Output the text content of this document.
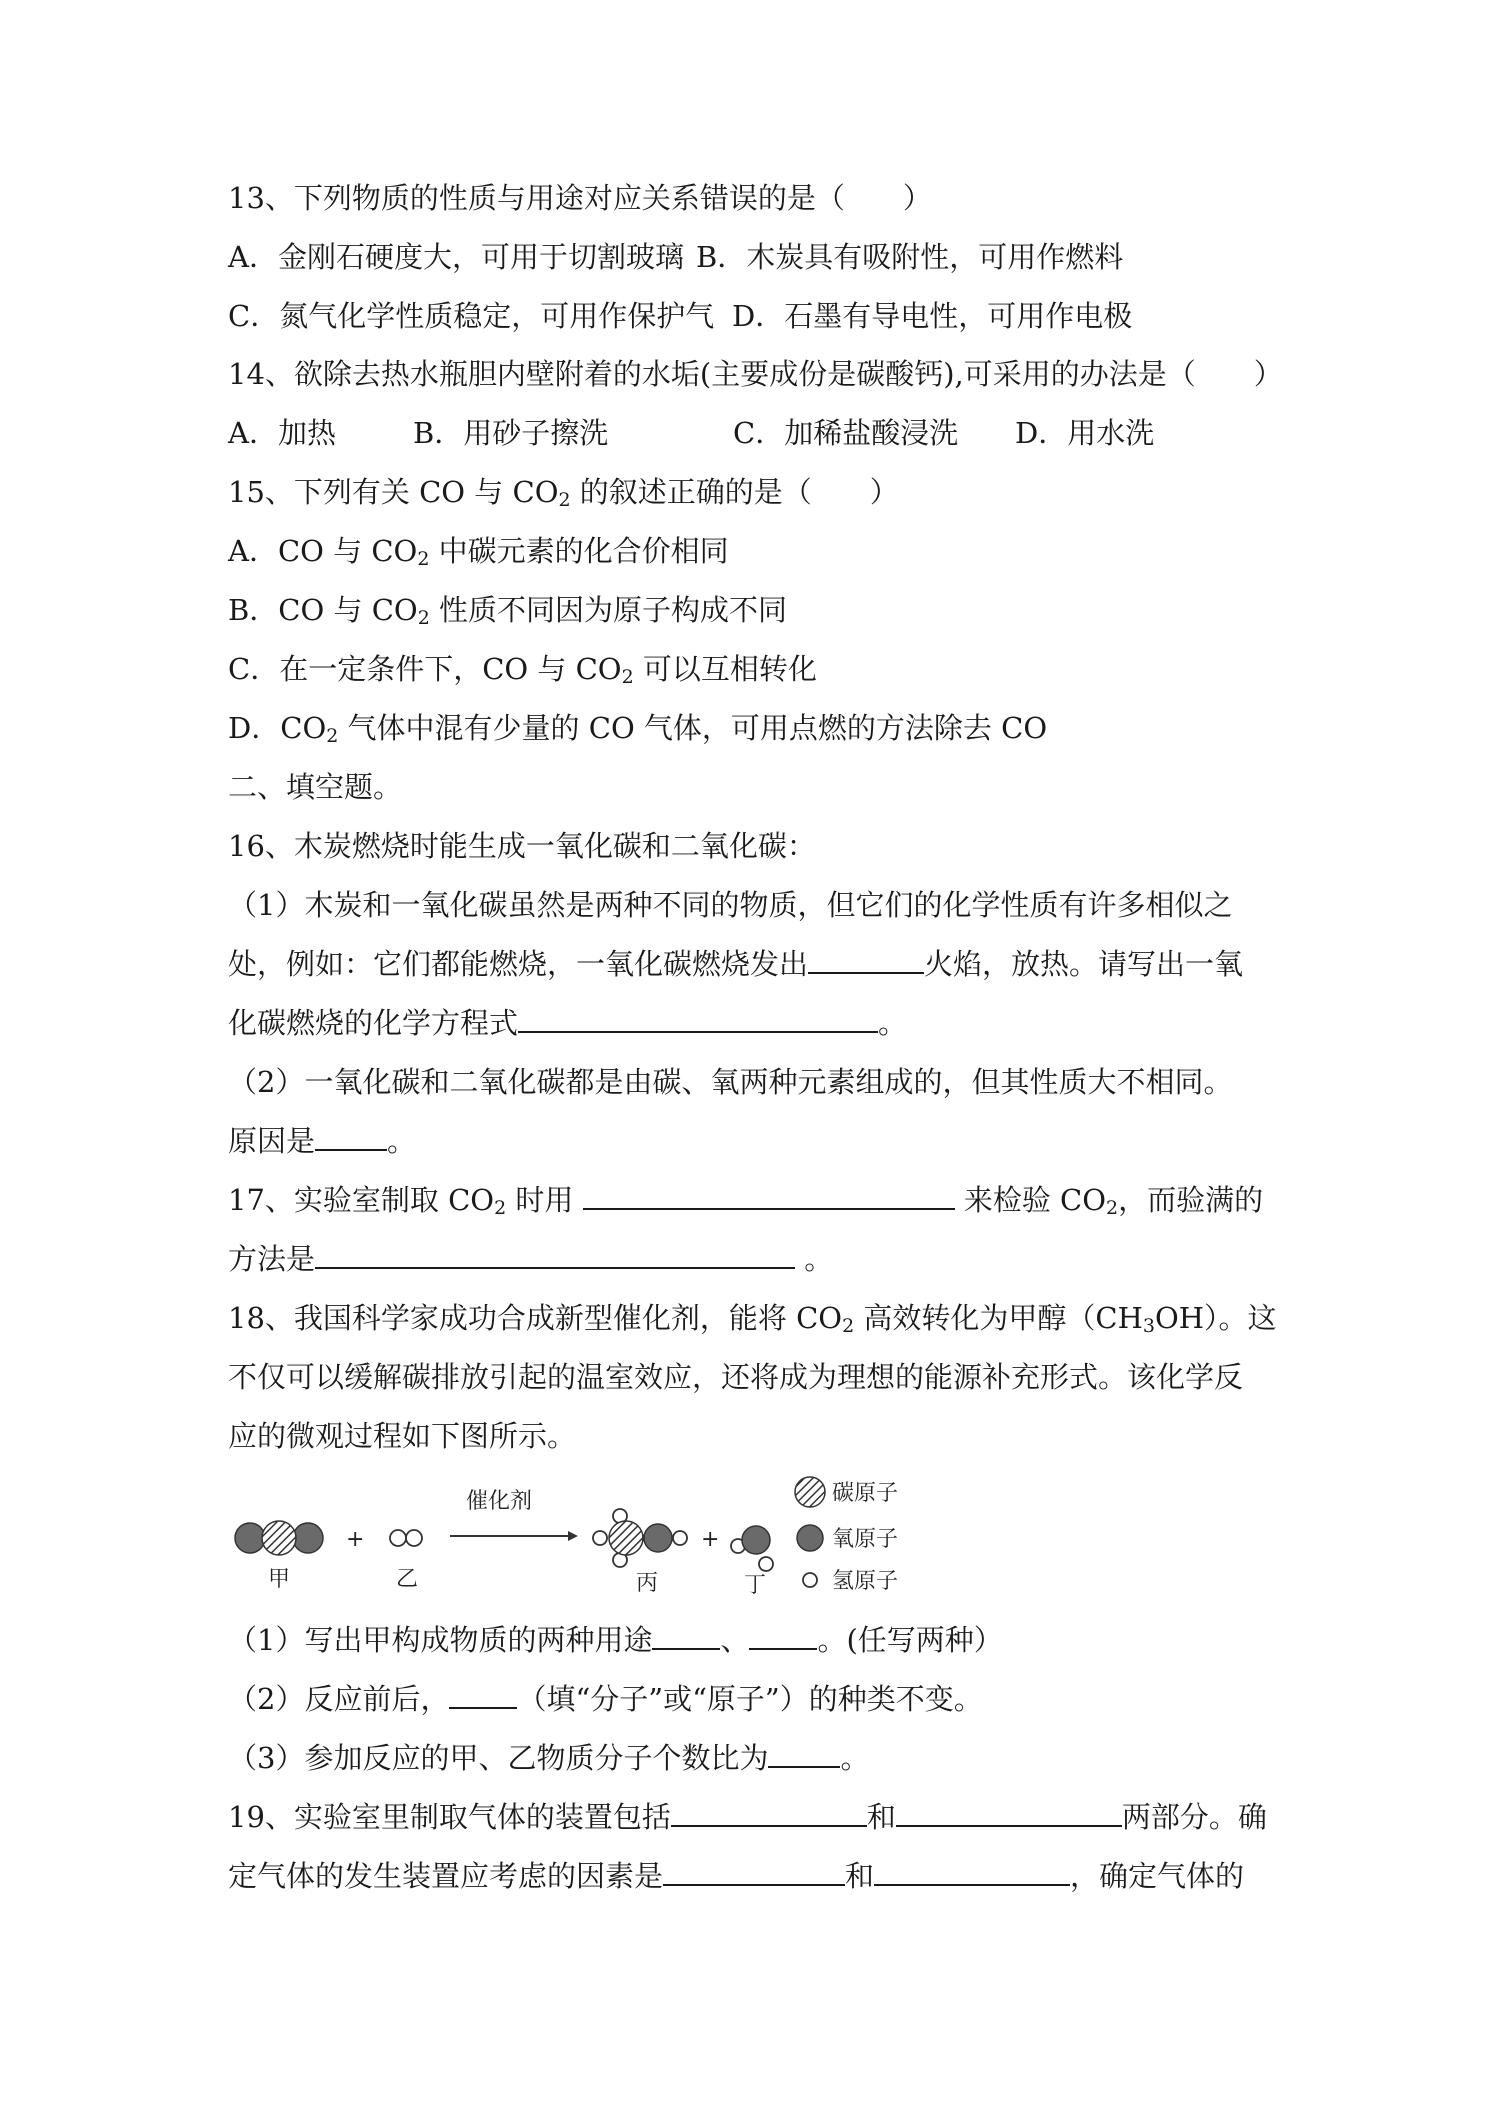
13、下列物质的性质与用途对应关系错误的是（　　）
A．金刚石硬度大，可用于切割玻璃 B．木炭具有吸附性，可用作燃料
C．氮气化学性质稳定，可用作保护气 D．石墨有导电性，可用作电极
14、欲除去热水瓶胆内壁附着的水垢(主要成份是碳酸钙),可采用的办法是（　　）
A．加热	B．用砂子擦洗	C．加稀盐酸浸洗 D．用水洗
15、下列有关 CO 与 $CO_2$ 的叙述正确的是（　　）
A．CO 与 $CO_2$ 中碳元素的化合价相同
B．CO 与 $CO_2$ 性质不同因为原子构成不同
C．在一定条件下，CO 与 $CO_2$ 可以互相转化
D．$CO_2$ 气体中混有少量的 CO 气体，可用点燃的方法除去 CO
二、填空题。
16、木炭燃烧时能生成一氧化碳和二氧化碳：
（1）木炭和一氧化碳虽然是两种不同的物质，但它们的化学性质有许多相似之
处，例如：它们都能燃烧，一氧化碳燃烧发出	火焰，放热。请写出一氧
化碳燃烧的化学方程式	。
（2）一氧化碳和二氧化碳都是由碳、氧两种元素组成的，但其性质大不相同。
原因是 。
17、实验室制取 $CO_2$ 时用	来检验 $CO_2$，而验满的
方法是	。
18、我国科学家成功合成新型催化剂，能将 $CO_2$ 高效转化为甲醇$(CH_3OH)$。这
不仅可以缓解碳排放引起的温室效应，还将成为理想的能源补充形式。该化学反
应的微观过程如下图所示。
甲
+
乙
催化剂
丙
+
丁
碳原子
氧原子
氢原子
（1）写出甲构成物质的两种用途 、 。(任写两种）
（2）反应前后， （填“分子”或“原子”）的种类不变。
（3）参加反应的甲、乙物质分子个数比为 。
19、实验室里制取气体的装置包括	和	两部分。确
定气体的发生装置应考虑的因素是	和	，确定气体的
